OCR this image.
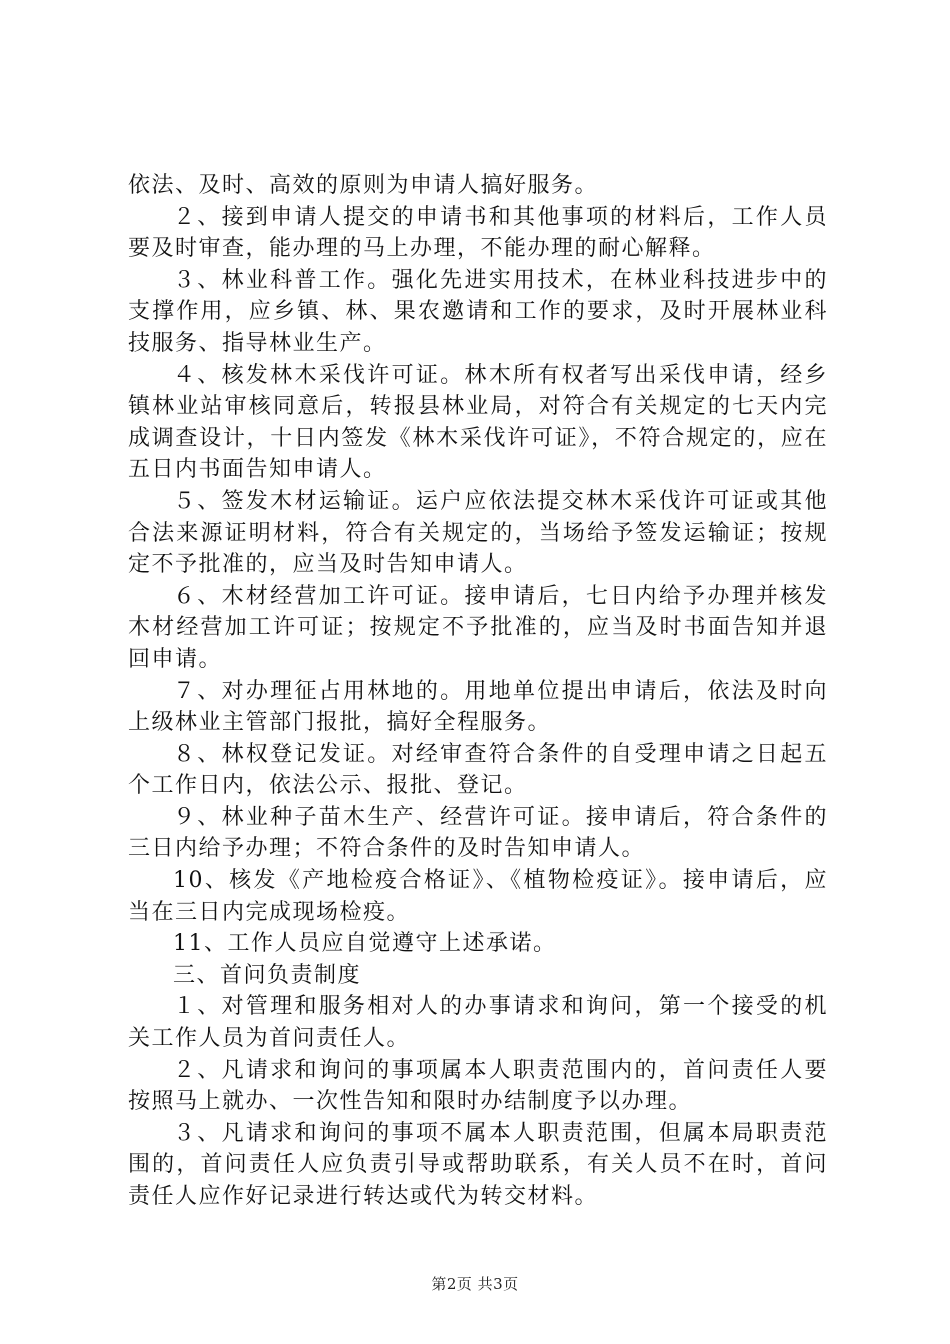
依法、及时、高效的原则为申请人搞好服务。

２、接到申请人提交的申请书和其他事项的材料后，工作人员要及时审查，能办理的马上办理，不能办理的耐心解释。

３、林业科普工作。强化先进实用技术，在林业科技进步中的支撑作用，应乡镇、林、果农邀请和工作的要求，及时开展林业科技服务、指导林业生产。

４、核发林木采伐许可证。林木所有权者写出采伐申请，经乡镇林业站审核同意后，转报县林业局，对符合有关规定的七天内完成调查设计，十日内签发《林木采伐许可证》，不符合规定的，应在五日内书面告知申请人。

５、签发木材运输证。运户应依法提交林木采伐许可证或其他合法来源证明材料，符合有关规定的，当场给予签发运输证；按规定不予批准的，应当及时告知申请人。

６、木材经营加工许可证。接申请后，七日内给予办理并核发木材经营加工许可证；按规定不予批准的，应当及时书面告知并退回申请。

７、对办理征占用林地的。用地单位提出申请后，依法及时向上级林业主管部门报批，搞好全程服务。

８、林权登记发证。对经审查符合条件的自受理申请之日起五个工作日内，依法公示、报批、登记。

９、林业种子苗木生产、经营许可证。接申请后，符合条件的三日内给予办理；不符合条件的及时告知申请人。

10、核发《产地检疫合格证》、《植物检疫证》。接申请后，应当在三日内完成现场检疫。

11、工作人员应自觉遵守上述承诺。

三、首问负责制度

１、对管理和服务相对人的办事请求和询问，第一个接受的机关工作人员为首问责任人。

２、凡请求和询问的事项属本人职责范围内的，首问责任人要按照马上就办、一次性告知和限时办结制度予以办理。

３、凡请求和询问的事项不属本人职责范围，但属本局职责范围的，首问责任人应负责引导或帮助联系，有关人员不在时，首问责任人应作好记录进行转达或代为转交材料。

第2页 共3页
